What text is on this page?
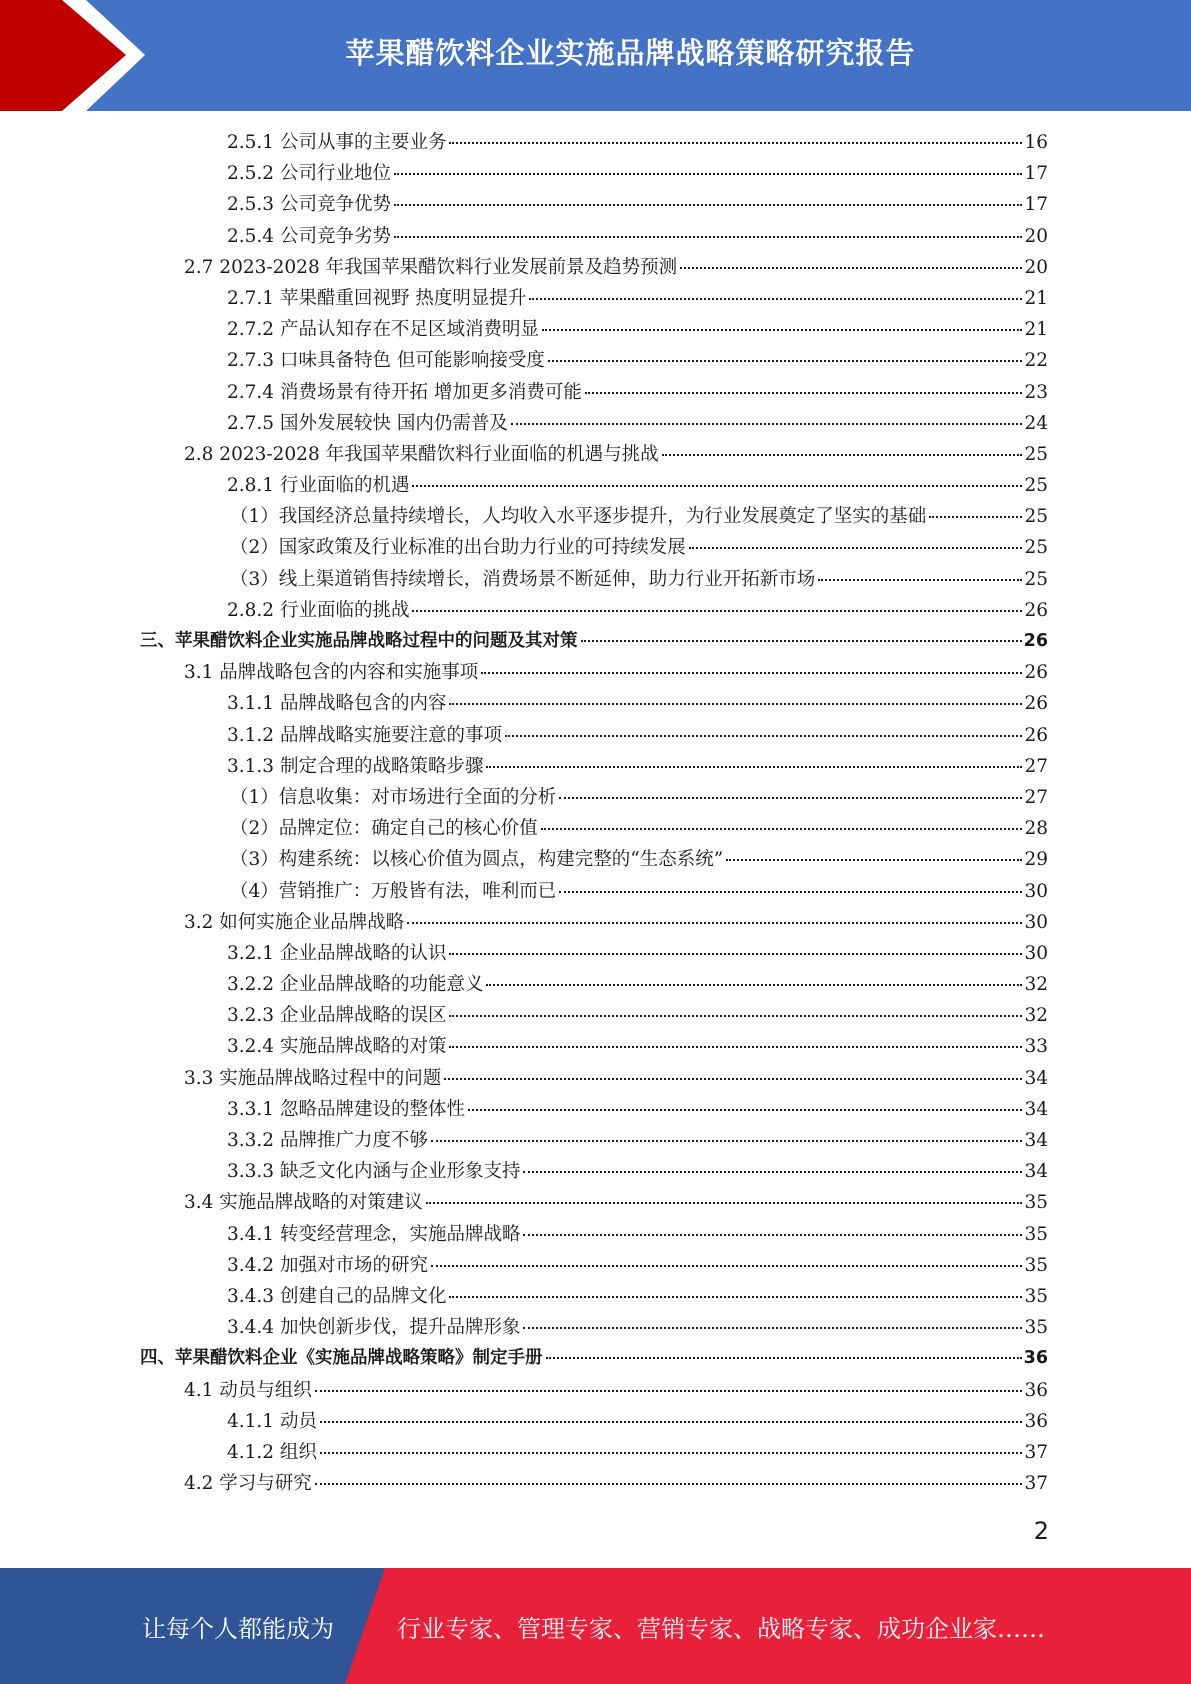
苹果醋饮料企业实施品牌战略策略研究报告
2.5.1 公司从事的主要业务	16
2.5.2 公司行业地位	17
2.5.3 公司竞争优势	17
2.5.4 公司竞争劣势	20
2.7 2023-2028 年我国苹果醋饮料行业发展前景及趋势预测	20
2.7.1 苹果醋重回视野 热度明显提升	21
2.7.2 产品认知存在不足区域消费明显	21
2.7.3 口味具备特色 但可能影响接受度	22
2.7.4 消费场景有待开拓 增加更多消费可能	23
2.7.5 国外发展较快 国内仍需普及	24
2.8 2023-2028 年我国苹果醋饮料行业面临的机遇与挑战	25
2.8.1 行业面临的机遇	25
（1）我国经济总量持续增长，人均收入水平逐步提升，为行业发展奠定了坚实的基础	25
（2）国家政策及行业标准的出台助力行业的可持续发展	25
（3）线上渠道销售持续增长，消费场景不断延伸，助力行业开拓新市场	25
2.8.2 行业面临的挑战	26
三、苹果醋饮料企业实施品牌战略过程中的问题及其对策	26
3.1 品牌战略包含的内容和实施事项	26
3.1.1 品牌战略包含的内容	26
3.1.2 品牌战略实施要注意的事项	26
3.1.3 制定合理的战略策略步骤	27
（1）信息收集：对市场进行全面的分析	27
（2）品牌定位：确定自己的核心价值	28
（3）构建系统：以核心价值为圆点，构建完整的“生态系统”	29
（4）营销推广：万般皆有法，唯利而已	30
3.2 如何实施企业品牌战略	30
3.2.1 企业品牌战略的认识	30
3.2.2 企业品牌战略的功能意义	32
3.2.3 企业品牌战略的误区	32
3.2.4 实施品牌战略的对策	33
3.3 实施品牌战略过程中的问题	34
3.3.1 忽略品牌建设的整体性	34
3.3.2 品牌推广力度不够	34
3.3.3 缺乏文化内涵与企业形象支持	34
3.4 实施品牌战略的对策建议	35
3.4.1 转变经营理念，实施品牌战略	35
3.4.2 加强对市场的研究	35
3.4.3 创建自己的品牌文化	35
3.4.4 加快创新步伐，提升品牌形象	35
四、苹果醋饮料企业《实施品牌战略策略》制定手册	36
4.1 动员与组织	36
4.1.1 动员	36
4.1.2 组织	37
4.2 学习与研究	37
2
让每个人都能成为	行业专家、管理专家、营销专家、战略专家、成功企业家……
